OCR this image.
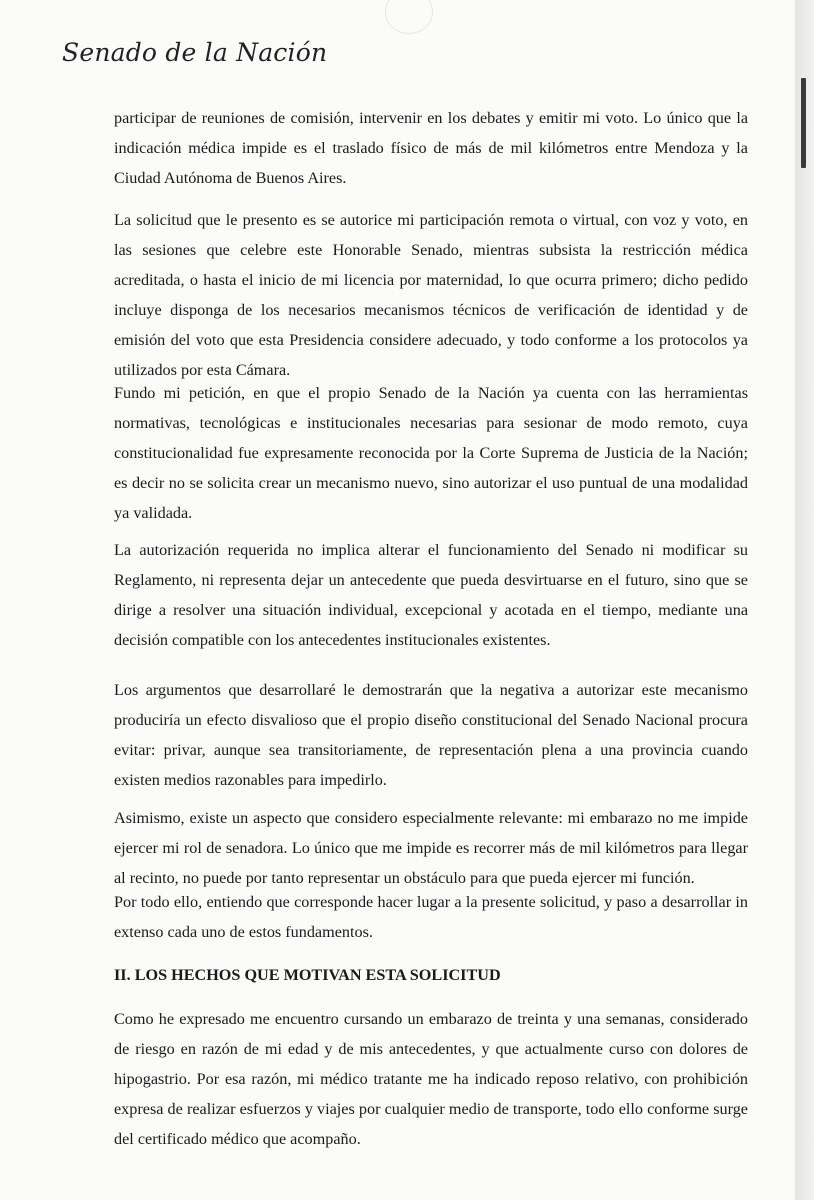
Senado de la Nación

participar de reuniones de comisión, intervenir en los debates y emitir mi voto. Lo único que la indicación médica impide es el traslado físico de más de mil kilómetros entre Mendoza y la Ciudad Autónoma de Buenos Aires.

La solicitud que le presento es se autorice mi participación remota o virtual, con voz y voto, en las sesiones que celebre este Honorable Senado, mientras subsista la restricción médica acreditada, o hasta el inicio de mi licencia por maternidad, lo que ocurra primero; dicho pedido incluye disponga de los necesarios mecanismos técnicos de verificación de identidad y de emisión del voto que esta Presidencia considere adecuado, y todo conforme a los protocolos ya utilizados por esta Cámara.

Fundo mi petición, en que el propio Senado de la Nación ya cuenta con las herramientas normativas, tecnológicas e institucionales necesarias para sesionar de modo remoto, cuya constitucionalidad fue expresamente reconocida por la Corte Suprema de Justicia de la Nación; es decir no se solicita crear un mecanismo nuevo, sino autorizar el uso puntual de una modalidad ya validada.

La autorización requerida no implica alterar el funcionamiento del Senado ni modificar su Reglamento, ni representa dejar un antecedente que pueda desvirtuarse en el futuro, sino que se dirige a resolver una situación individual, excepcional y acotada en el tiempo, mediante una decisión compatible con los antecedentes institucionales existentes.

Los argumentos que desarrollaré le demostrarán que la negativa a autorizar este mecanismo produciría un efecto disvalioso que el propio diseño constitucional del Senado Nacional procura evitar: privar, aunque sea transitoriamente, de representación plena a una provincia cuando existen medios razonables para impedirlo.

Asimismo, existe un aspecto que considero especialmente relevante: mi embarazo no me impide ejercer mi rol de senadora. Lo único que me impide es recorrer más de mil kilómetros para llegar al recinto, no puede por tanto representar un obstáculo para que pueda ejercer mi función.

Por todo ello, entiendo que corresponde hacer lugar a la presente solicitud, y paso a desarrollar in extenso cada uno de estos fundamentos.

II. LOS HECHOS QUE MOTIVAN ESTA SOLICITUD

Como he expresado me encuentro cursando un embarazo de treinta y una semanas, considerado de riesgo en razón de mi edad y de mis antecedentes, y que actualmente curso con dolores de hipogastrio. Por esa razón, mi médico tratante me ha indicado reposo relativo, con prohibición expresa de realizar esfuerzos y viajes por cualquier medio de transporte, todo ello conforme surge del certificado médico que acompaño.
